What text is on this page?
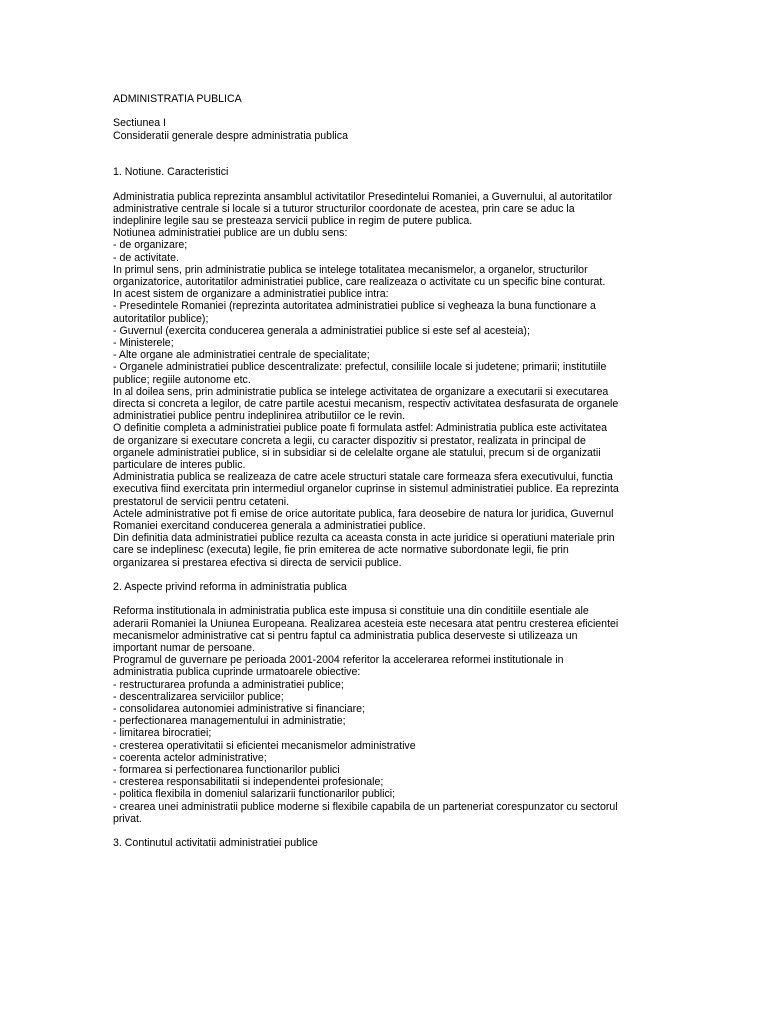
ADMINISTRATIA PUBLICA
Sectiunea I
Consideratii generale despre administratia publica
1. Notiune. Caracteristici
Administratia publica reprezinta ansamblul activitatilor Presedintelui Romaniei, a Guvernului, al autoritatilor
administrative centrale si locale si a tuturor structurilor coordonate de acestea, prin care se aduc la
indeplinire legile sau se presteaza servicii publice in regim de putere publica.
Notiunea administratiei publice are un dublu sens:
- de organizare;
- de activitate.
In primul sens, prin administratie publica se intelege totalitatea mecanismelor, a organelor, structurilor
organizatorice, autoritatilor administratiei publice, care realizeaza o activitate cu un specific bine conturat.
In acest sistem de organizare a administratiei publice intra:
- Presedintele Romaniei (reprezinta autoritatea administratiei publice si vegheaza la buna functionare a
autoritatilor publice);
- Guvernul (exercita conducerea generala a administratiei publice si este sef al acesteia);
- Ministerele;
- Alte organe ale administratiei centrale de specialitate;
- Organele administratiei publice descentralizate: prefectul, consiliile locale si judetene; primarii; institutiile
publice; regiile autonome etc.
In al doilea sens, prin administratie publica se intelege activitatea de organizare a executarii si executarea
directa si concreta a legilor, de catre partile acestui mecanism, respectiv activitatea desfasurata de organele
administratiei publice pentru indeplinirea atributiilor ce le revin.
O definitie completa a administratiei publice poate fi formulata astfel: Administratia publica este activitatea
de organizare si executare concreta a legii, cu caracter dispozitiv si prestator, realizata in principal de
organele administratiei publice, si in subsidiar si de celelalte organe ale statului, precum si de organizatii
particulare de interes public.
Administratia publica se realizeaza de catre acele structuri statale care formeaza sfera executivului, functia
executiva fiind exercitata prin intermediul organelor cuprinse in sistemul administratiei publice. Ea reprezinta
prestatorul de servicii pentru cetateni.
Actele administrative pot fi emise de orice autoritate publica, fara deosebire de natura lor juridica, Guvernul
Romaniei exercitand conducerea generala a administratiei publice.
Din definitia data administratiei publice rezulta ca aceasta consta in acte juridice si operatiuni materiale prin
care se indeplinesc (executa) legile, fie prin emiterea de acte normative subordonate legii, fie prin
organizarea si prestarea efectiva si directa de servicii publice.
2. Aspecte privind reforma in administratia publica
Reforma institutionala in administratia publica este impusa si constituie una din conditiile esentiale ale
aderarii Romaniei la Uniunea Europeana. Realizarea acesteia este necesara atat pentru cresterea eficientei
mecanismelor administrative cat si pentru faptul ca administratia publica deserveste si utilizeaza un
important numar de persoane.
Programul de guvernare pe perioada 2001-2004 referitor la accelerarea reformei institutionale in
administratia publica cuprinde urmatoarele obiective:
- restructurarea profunda a administratiei publice;
- descentralizarea serviciilor publice;
- consolidarea autonomiei administrative si financiare;
- perfectionarea managementului in administratie;
- limitarea birocratiei;
- cresterea operativitatii si eficientei mecanismelor administrative
- coerenta actelor administrative;
- formarea si perfectionarea functionarilor publici
- cresterea responsabilitatii si independentei profesionale;
- politica flexibila in domeniul salarizarii functionarilor publici;
- crearea unei administratii publice moderne si flexibile capabila de un parteneriat corespunzator cu sectorul
privat.
3. Continutul activitatii administratiei publice
